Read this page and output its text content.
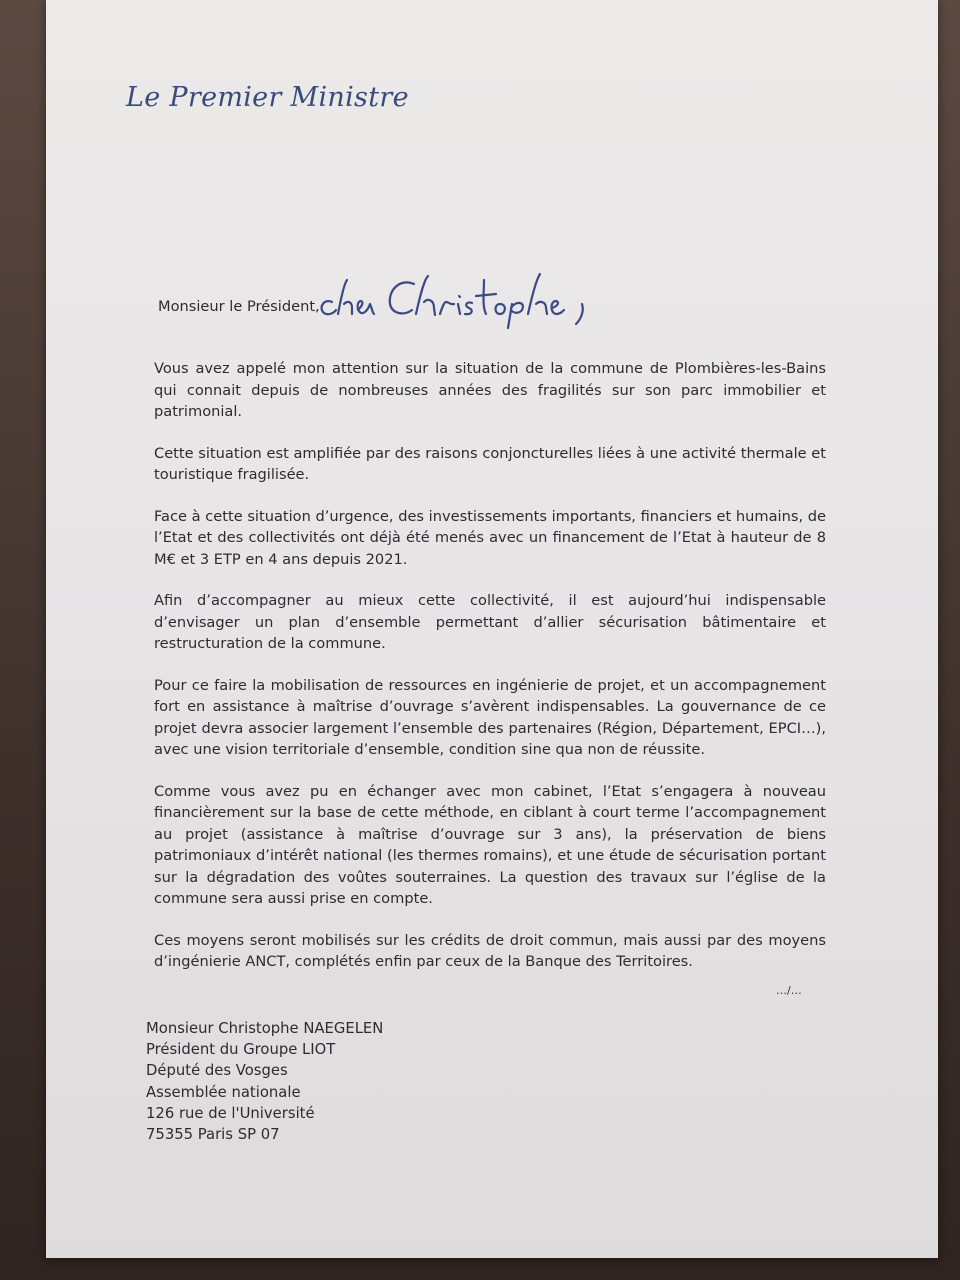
Le Premier Ministre
Monsieur le Président,

Vous avez appelé mon attention sur la situation de la commune de Plombières-les-Bains qui connait depuis de nombreuses années des fragilités sur son parc immobilier et patrimonial.

Cette situation est amplifiée par des raisons conjoncturelles liées à une activité thermale et touristique fragilisée.

Face à cette situation d’urgence, des investissements importants, financiers et humains, de l’Etat et des collectivités ont déjà été menés avec un financement de l’Etat à hauteur de 8 M€ et 3 ETP en 4 ans depuis 2021.

Afin d’accompagner au mieux cette collectivité, il est aujourd’hui indispensable d’envisager un plan d’ensemble permettant d’allier sécurisation bâtimentaire et restructuration de la commune.

Pour ce faire la mobilisation de ressources en ingénierie de projet, et un accompagnement fort en assistance à maîtrise d’ouvrage s’avèrent indispensables. La gouvernance de ce projet devra associer largement l’ensemble des partenaires (Région, Département, EPCI…), avec une vision territoriale d’ensemble, condition sine qua non de réussite.

Comme vous avez pu en échanger avec mon cabinet, l’Etat s’engagera à nouveau financièrement sur la base de cette méthode, en ciblant à court terme l’accompagnement au projet (assistance à maîtrise d’ouvrage sur 3 ans), la préservation de biens patrimoniaux d’intérêt national (les thermes romains), et une étude de sécurisation portant sur la dégradation des voûtes souterraines. La question des travaux sur l’église de la commune sera aussi prise en compte.

Ces moyens seront mobilisés sur les crédits de droit commun, mais aussi par des moyens d’ingénierie ANCT, complétés enfin par ceux de la Banque des Territoires.

…/…
Monsieur Christophe NAEGELEN
Président du Groupe LIOT
Député des Vosges
Assemblée nationale
126 rue de l'Université
75355 Paris SP 07
